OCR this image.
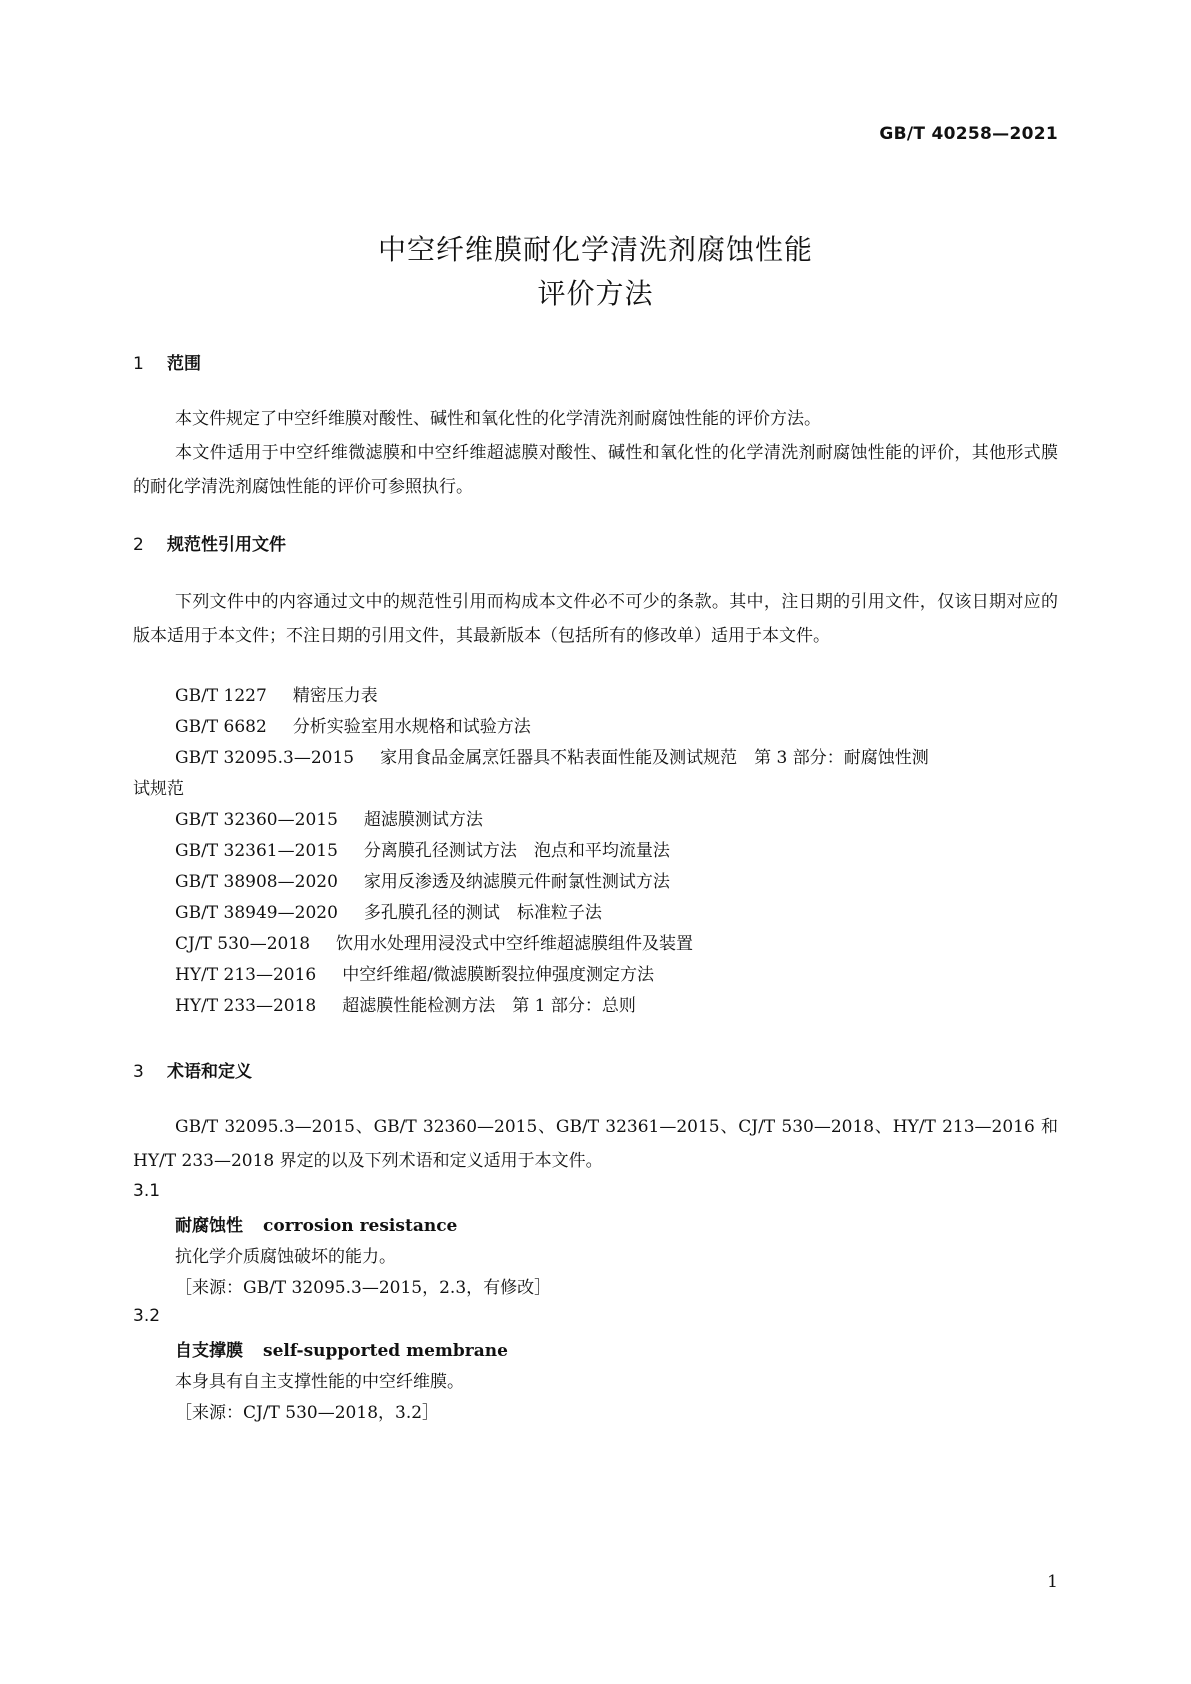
GB/T 40258—2021
中空纤维膜耐化学清洗剂腐蚀性能
评价方法
1 范围

本文件规定了中空纤维膜对酸性、碱性和氧化性的化学清洗剂耐腐蚀性能的评价方法。

本文件适用于中空纤维微滤膜和中空纤维超滤膜对酸性、碱性和氧化性的化学清洗剂耐腐蚀性能的评价，其他形式膜的耐化学清洗剂腐蚀性能的评价可参照执行。

2 规范性引用文件

下列文件中的内容通过文中的规范性引用而构成本文件必不可少的条款。其中，注日期的引用文件，仅该日期对应的版本适用于本文件；不注日期的引用文件，其最新版本（包括所有的修改单）适用于本文件。

GB/T 1227 精密压力表
GB/T 6682 分析实验室用水规格和试验方法
GB/T 32095.3—2015 家用食品金属烹饪器具不粘表面性能及测试规范　第 3 部分：耐腐蚀性测
试规范
GB/T 32360—2015 超滤膜测试方法
GB/T 32361—2015 分离膜孔径测试方法　泡点和平均流量法
GB/T 38908—2020 家用反渗透及纳滤膜元件耐氯性测试方法
GB/T 38949—2020 多孔膜孔径的测试　标准粒子法
CJ/T 530—2018 饮用水处理用浸没式中空纤维超滤膜组件及装置
HY/T 213—2016 中空纤维超/微滤膜断裂拉伸强度测定方法
HY/T 233—2018 超滤膜性能检测方法　第 1 部分：总则
3 术语和定义

GB/T 32095.3—2015、GB/T 32360—2015、GB/T 32361—2015、CJ/T 530—2018、HY/T 213—2016 和 HY/T 233—2018 界定的以及下列术语和定义适用于本文件。

3.1
耐腐蚀性 corrosion resistance
抗化学介质腐蚀破坏的能力。
［来源：GB/T 32095.3—2015，2.3，有修改］
3.2
自支撑膜 self-supported membrane
本身具有自主支撑性能的中空纤维膜。
［来源：CJ/T 530—2018，3.2］
1
